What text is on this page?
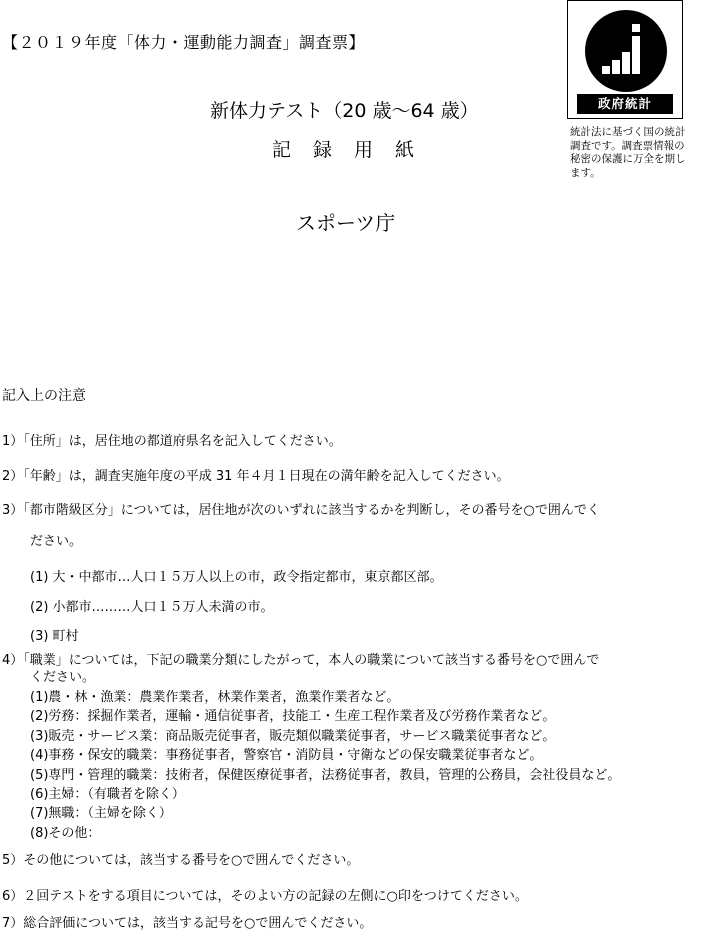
【２０１９年度「体力・運動能力調査」調査票】
新体力テスト（20 歳～64 歳）
記録用紙
スポーツ庁
政府統計
統計法に基づく国の統計調査です。調査票情報の秘密の保護に万全を期します。
記入上の注意
1）「住所」は，居住地の都道府県名を記入してください。
2）「年齢」は，調査実施年度の平成 31 年４月１日現在の満年齢を記入してください。
3）「都市階級区分」については，居住地が次のいずれに該当するかを判断し，その番号を○で囲んでく
ださい。
(1) 大・中都市…人口１５万人以上の市，政令指定都市，東京都区部。
(2) 小都市………人口１５万人未満の市。
(3) 町村
4）「職業」については，下記の職業分類にしたがって，本人の職業について該当する番号を○で囲んで
ください。
(1)農・林・漁業：農業作業者，林業作業者，漁業作業者など。
(2)労務：採掘作業者，運輸・通信従事者，技能工・生産工程作業者及び労務作業者など。
(3)販売・サービス業：商品販売従事者，販売類似職業従事者，サービス職業従事者など。
(4)事務・保安的職業：事務従事者，警察官・消防員・守衛などの保安職業従事者など。
(5)専門・管理的職業：技術者，保健医療従事者，法務従事者，教員，管理的公務員，会社役員など。
(6)主婦：（有職者を除く）
(7)無職：（主婦を除く）
(8)その他：
5）その他については，該当する番号を○で囲んでください。
6）２回テストをする項目については，そのよい方の記録の左側に○印をつけてください。
7）総合評価については，該当する記号を○で囲んでください。
